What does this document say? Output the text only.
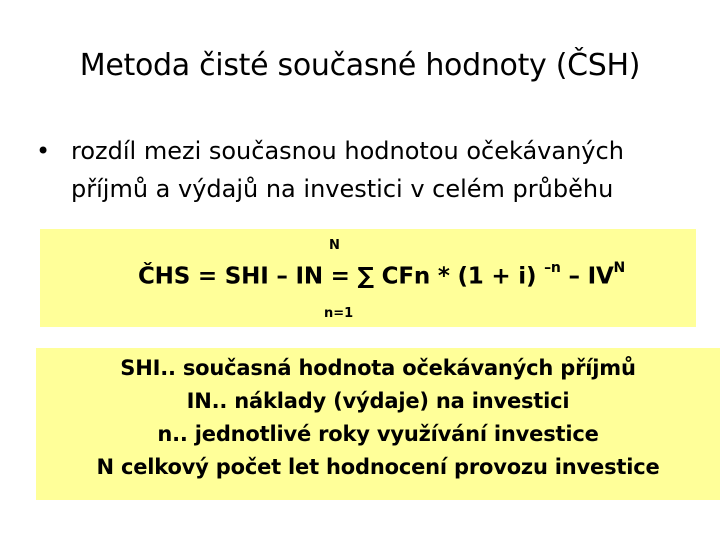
Metoda čisté současné hodnoty (ČSH)
• rozdíl mezi současnou hodnotou očekávaných
příjmů a výdajů na investici v celém průběhu
N
ČHS = SHI – IN = ∑ CFn * (1 + i) $^{-n} - IV^N$
n=1
SHI.. současná hodnota očekávaných příjmů
IN.. náklady (výdaje) na investici
n.. jednotlivé roky využívání investice
N celkový počet let hodnocení provozu investice
